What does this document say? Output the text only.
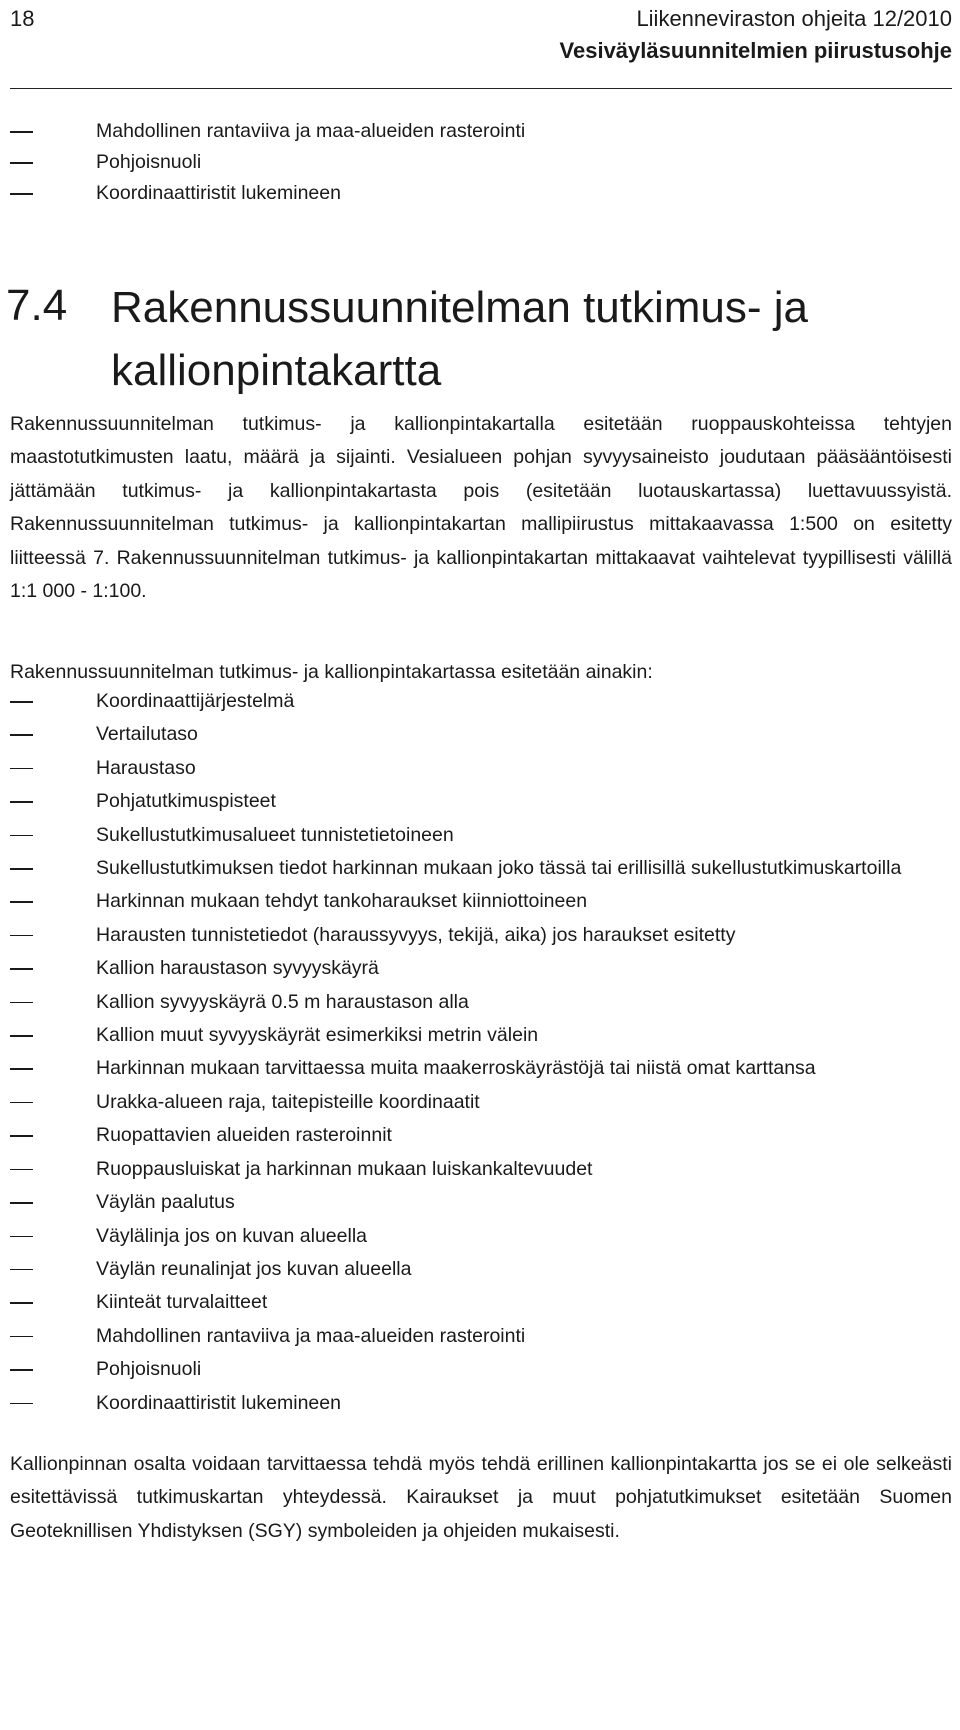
18	Liikenneviraston ohjeita 12/2010
Vesiväyläsuunnitelmien piirustusohje
Mahdollinen rantaviiva ja maa-alueiden rasterointi
Pohjoisnuoli
Koordinaattiristit lukemineen
7.4 Rakennussuunnitelman tutkimus- ja
kallionpintakartta

Rakennussuunnitelman tutkimus- ja kallionpintakartalla esitetään ruoppauskohteissa tehtyjen maastotutkimusten laatu, määrä ja sijainti. Vesialueen pohjan syvyysaineisto joudutaan pääsääntöisesti jättämään tutkimus- ja kallionpintakartasta pois (esitetään luotauskartassa) luettavuussyistä. Rakennussuunnitelman tutkimus- ja kallionpintakartan mallipiirustus mittakaavassa 1:500 on esitetty liitteessä 7. Rakennussuunnitelman tutkimus- ja kallionpintakartan mittakaavat vaihtelevat tyypillisesti välillä 1:1 000 - 1:100.

Rakennussuunnitelman tutkimus- ja kallionpintakartassa esitetään ainakin:

Koordinaattijärjestelmä
Vertailutaso
Haraustaso
Pohjatutkimuspisteet
Sukellustutkimusalueet tunnistetietoineen
Sukellustutkimuksen tiedot harkinnan mukaan joko tässä tai erillisillä sukellustutkimuskartoilla
Harkinnan mukaan tehdyt tankoharaukset kiinniottoineen
Harausten tunnistetiedot (haraussyvyys, tekijä, aika) jos haraukset esitetty
Kallion haraustason syvyyskäyrä
Kallion syvyyskäyrä 0.5 m haraustason alla
Kallion muut syvyyskäyrät esimerkiksi metrin välein
Harkinnan mukaan tarvittaessa muita maakerroskäyrästöjä tai niistä omat karttansa
Urakka-alueen raja, taitepisteille koordinaatit
Ruopattavien alueiden rasteroinnit
Ruoppausluiskat ja harkinnan mukaan luiskankaltevuudet
Väylän paalutus
Väylälinja jos on kuvan alueella
Väylän reunalinjat jos kuvan alueella
Kiinteät turvalaitteet
Mahdollinen rantaviiva ja maa-alueiden rasterointi
Pohjoisnuoli
Koordinaattiristit lukemineen

Kallionpinnan osalta voidaan tarvittaessa tehdä myös tehdä erillinen kallionpintakartta jos se ei ole selkeästi esitettävissä tutkimuskartan yhteydessä. Kairaukset ja muut pohjatutkimukset esitetään Suomen Geoteknillisen Yhdistyksen (SGY) symboleiden ja ohjeiden mukaisesti.
